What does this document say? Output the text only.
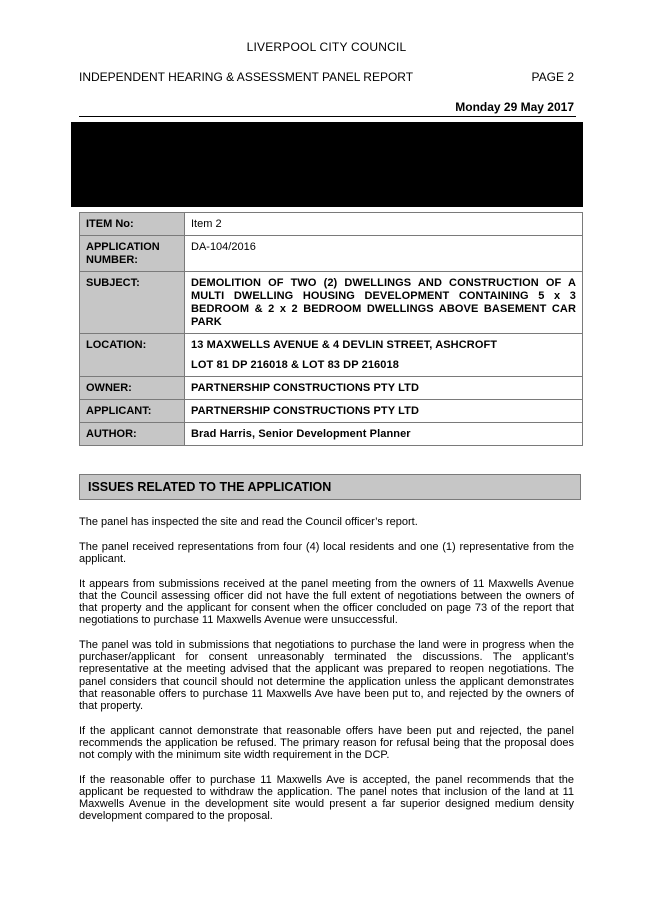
LIVERPOOL CITY COUNCIL
INDEPENDENT HEARING & ASSESSMENT PANEL REPORT	PAGE 2
Monday 29 May 2017
ITEM No:	Item 2

APPLICATION NUMBER:	DA-104/2016

SUBJECT:	DEMOLITION OF TWO (2) DWELLINGS AND CONSTRUCTION OF A MULTI DWELLING HOUSING DEVELOPMENT CONTAINING 5 x 3 BEDROOM & 2 x 2 BEDROOM DWELLINGS ABOVE BASEMENT CAR PARK

LOCATION:	13 MAXWELLS AVENUE & 4 DEVLIN STREET, ASHCROFT

LOT 81 DP 216018 & LOT 83 DP 216018

OWNER:	PARTNERSHIP CONSTRUCTIONS PTY LTD

APPLICANT:	PARTNERSHIP CONSTRUCTIONS PTY LTD

AUTHOR:	Brad Harris, Senior Development Planner

ISSUES RELATED TO THE APPLICATION

The panel has inspected the site and read the Council officer’s report.

The panel received representations from four (4) local residents and one (1) representative from the applicant.

It appears from submissions received at the panel meeting from the owners of 11 Maxwells Avenue that the Council assessing officer did not have the full extent of negotiations between the owners of that property and the applicant for consent when the officer concluded on page 73 of the report that negotiations to purchase 11 Maxwells Avenue were unsuccessful.

The panel was told in submissions that negotiations to purchase the land were in progress when the purchaser/applicant for consent unreasonably terminated the discussions. The applicant’s representative at the meeting advised that the applicant was prepared to reopen negotiations. The panel considers that council should not determine the application unless the applicant demonstrates that reasonable offers to purchase 11 Maxwells Ave have been put to, and rejected by the owners of that property.

If the applicant cannot demonstrate that reasonable offers have been put and rejected, the panel recommends the application be refused. The primary reason for refusal being that the proposal does not comply with the minimum site width requirement in the DCP.

If the reasonable offer to purchase 11 Maxwells Ave is accepted, the panel recommends that the applicant be requested to withdraw the application. The panel notes that inclusion of the land at 11 Maxwells Avenue in the development site would present a far superior designed medium density development compared to the proposal.
